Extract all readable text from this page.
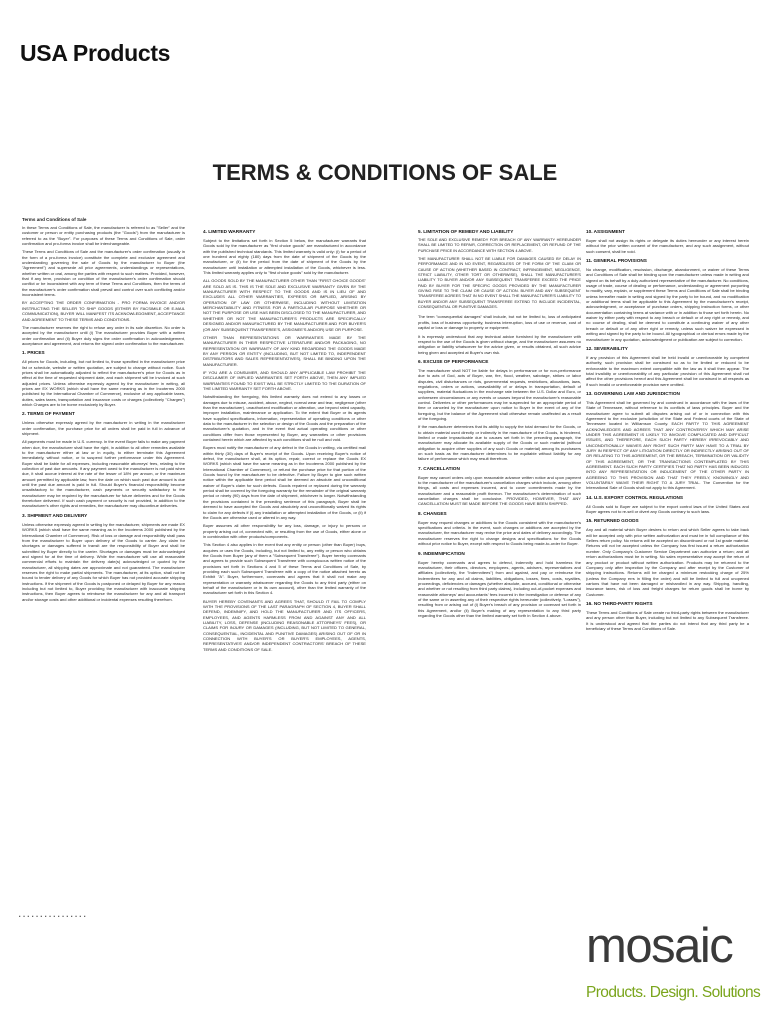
USA Products
TERMS & CONDITIONS OF SALE
Terms and Conditions of Sale

In these Terms and Conditions of Sale, the manufacturer is referred to as "Seller" and the customer or person or entity purchasing products (the "Goods") from the manufacturer is referred to as the "Buyer". For purposes of these Terms and Conditions of Sale, order confirmation and pro-forma invoice shall be interchangeable.

These Terms and Conditions of Sale and the manufacturer's order confirmation (usually in the form of a pro-forma invoice) constitute the complete and exclusive agreement and understanding governing the sale of Goods by the manufacturer to Buyer (the "Agreement") and supersede all prior agreements, understandings or representations, whether written or oral, among the parties with respect to such matters. Provided, however, that if any term, provision or condition of the manufacturer's order confirmation should conflict or be inconsistent with any term of these Terms and Conditions, then the terms of the manufacturer's order confirmation shall prevail and control over such conflicting and/or inconsistent terms.

BY ACCEPTING THE ORDER CONFIRMATION - PRO FORMA INVOICE AND/OR INSTRUCTING THE SELLER TO SHIP GOODS (EITHER BY FACSIMILE OR E-MAIL COMMUNICATION), BUYER WILL MANIFEST ITS ACKNOWLEDGMENT, ACCEPTANCE AND AGREEMENT TO THESE TERMS AND CONDITIONS.

The manufacturer reserves the right to refuse any order in its sole discretion. No order is accepted by the manufacturer until (i) The manufacturer provides Buyer with a written order confirmation and (ii) Buyer duly signs the order confirmation in acknowledgement, acceptance and agreement, and returns the signed order confirmation to the manufacturer.

1. PRICES

All prices for Goods, including, but not limited to, those specified in the manufacturer price list or schedule, website or written quotation, are subject to change without notice. Such prices shall be automatically adjusted to reflect the manufacturer's price for Goods as in effect at the time of requested shipment date, and each shipment will be invoiced at such adjusted prices. Unless otherwise expressly agreed by the manufacturer in writing, all prices are EX WORKS (which shall have the same meaning as in the Incoterms 2000 published by the International Chamber of Commerce), exclusive of any applicable taxes, duties, sales taxes, transportation and insurance costs or charges (collectively "Charges") which Charges are to be borne exclusively by Buyer.

2. TERMS OF PAYMENT

Unless otherwise expressly agreed by the manufacturer in writing in the manufacturer order confirmation, the purchase price for all orders shall be paid in full in advance of shipment.

All payments must be made in U.S. currency. In the event Buyer fails to make any payment when due, the manufacturer shall have the right, in addition to all other remedies available to the manufacturer either at law or in equity, to either terminate this Agreement immediately, without notice, or to suspend further performance under this Agreement. Buyer shall be liable for all expenses, including reasonable attorneys' fees, relating to the collection of past due amounts. If any payment owed to the manufacturer is not paid when due, it shall accrue interest at the rate of the lesser of 18% per annum, or the maximum amount permitted by applicable law, from the date on which such past due amount is due until the past due amount is paid in full. Should Buyer's financial responsibility become unsatisfactory to the manufacturer, cash payments or security satisfactory to the manufacturer may be required by the manufacturer for future deliveries and for the Goods theretofore delivered. If such cash payment or security is not provided, in addition to the manufacturer's other rights and remedies, the manufacturer may discontinue deliveries.

3. SHIPMENT AND DELIVERY

Unless otherwise expressly agreed in writing by the manufacturer, shipments are made EX WORKS (which shall have the same meaning as in the Incoterms 2000 published by the International Chamber of Commerce). Risk of loss or damage and responsibility shall pass from the manufacturer to Buyer upon delivery of the Goods to carrier. Any claim for shortages or damages suffered in transit are the responsibility of Buyer and shall be submitted by Buyer directly to the carrier. Shortages or damages must be acknowledged and signed for at the time of delivery. While the manufacturer will use all reasonable commercial efforts to maintain the delivery date(s) acknowledged or quoted by the manufacturer, all shipping dates are approximate and not guaranteed. The manufacturer reserves the right to make partial shipments. The manufacturer, at its option, shall not be bound to tender delivery of any Goods for which Buyer has not provided accurate shipping instructions. If the shipment of the Goods is postponed or delayed by Buyer for any reason including but not limited to, Buyer providing the manufacturer with inaccurate shipping instructions, then Buyer agrees to reimburse the manufacturer for any and all transport and/or storage costs and other additional or incidental expenses resulting therefrom.

4. LIMITED WARRANTY

Subject to the limitations set forth in Section 5 below, the manufacturer warrants that Goods sold by the manufacturer as "first choice goods" are manufactured in accordance with the published technical standards. This limited warranty is valid only: (i) for a period of one hundred and eighty (180) days from the date of shipment of the Goods by the manufacturer, or (ii) for the period from the date of shipment of the Goods by the manufacturer until installation or attempted installation of the Goods, whichever is less. This limited warranty applies only to "first choice goods" sold by the manufacturer.

ALL GOODS SOLD BY THE MANUFACTURER OTHER THAN "FIRST CHOICE GOODS" ARE SOLD AS IS. THIS IS THE SOLE AND EXCLUSIVE WARRANTY GIVEN BY THE MANUFACTURER WITH RESPECT TO THE GOODS AND IS IN LIEU OF AND EXCLUDES ALL OTHER WARRANTIES, EXPRESS OR IMPLIED, ARISING BY OPERATION OF LAW OR OTHERWISE, INCLUDING WITHOUT LIMITATION MERCHANTABILITY AND FITNESS FOR A PARTICULAR PURPOSE WHETHER OR NOT THE PURPOSE OR USE HAS BEEN DISCLOSED TO THE MANUFACTURER, AND WHETHER OR NOT THE MANUFACTURER'S PRODUCTS ARE SPECIFICALLY DESIGNED AND/OR MANUFACTURED BY THE MANUFACTURER AND FOR BUYER'S (OR ANY SUBSEQUENT TRANSFEREE'S, ASSIGNEE'S AND/OR) USE OR PURPOSE.

OTHER THAN REPRESENTATIONS OR WARRANTIES MADE BY THE MANUFACTURER IN THEIR RESPECTIVE LITERATURE AND/OR PACKAGING, NO REPRESENTATION OR WARRANTY OF ANY KIND REGARDING THE GOODS MADE BY ANY PERSON OR ENTITY (INCLUDING, BUT NOT LIMITED TO, INDEPENDENT DISTRIBUTORS AND SALES REPRESENTATIVES), SHALL BE BINDING UPON THE MANUFACTURER.

IF YOU ARE A CONSUMER, AND SHOULD ANY APPLICABLE LAW PROHIBIT THE DISCLAIMER OF IMPLIED WARRANTIES SET FORTH ABOVE, THEN ANY IMPLIED WARRANTIES FOUND TO EXIST WILL BE STRICTLY LIMITED TO THE DURATION OF THE LIMITED WARRANTY SET FORTH ABOVE.

Notwithstanding the foregoing, this limited warranty does not extend to any losses or damages due to misuse, accident, abuse, neglect, normal wear and tear, negligence (other than the manufacturer), unauthorized modification or alteration, use beyond rated capacity, improper installation, maintenance or application. To the extent that Buyer or its agents have supplied specifications, information, representation of operating conditions or other data to the manufacturer in the selection or design of the Goods and the preparation of the manufacturer's quotation, and in the event that actual operating conditions or other conditions differ from those represented by Buyer, any warranties or other provisions contained herein which are affected by such conditions shall be null and void.

Buyers must notify the manufacturer of any defect in the Goods in writing, via certified mail within thirty (30) days of Buyer's receipt of the Goods. Upon receiving Buyer's notice of defect, the manufacturer shall, at its option, repair, correct or replace the Goods EX WORKS (which shall have the same meaning as in the Incoterms 2000 published by the International Chamber of Commerce), or refund the purchase price for that portion of the Goods found by the manufacturer to be defective. Failure by Buyer to give such written notice within the applicable time period shall be deemed an absolute and unconditional waiver of Buyer's claim for such defects. Goods repaired or replaced during the warranty period shall be covered by the foregoing warranty for the remainder of the original warranty period or ninety (90) days from the date of shipment, whichever is longer. Notwithstanding the provisions contained in the preceding sentence of this paragraph, Buyer shall be deemed to have accepted the Goods and absolutely and unconditionally waived its rights to claim for any defects if (i) any installation or attempted installation of the Goods, or (ii) if the Goods are otherwise used or altered in any way.

Buyer assumes all other responsibility for any loss, damage, or injury to persons or property arising out of, connected with, or resulting from the use of Goods, either alone or in combination with other products/components.

This Section 4 also applies in the event that any entity or person (other than Buyer) buys, acquires or uses the Goods, including, but not limited to, any entity or person who obtains the Goods from Buyer (any of them a "Subsequent Transferee"). Buyer hereby covenants and agrees to provide such Subsequent Transferee with conspicuous written notice of the provisions set forth in Sections 4 and 5 of these Terms and Conditions of Sale, by providing each such Subsequent Transferee with a copy of the notice attached hereto as Exhibit "A". Buyer, furthermore, covenants and agrees that it shall not make any representation or warranty whatsoever regarding the Goods to any third party (either on behalf of the manufacturer or in its own account), other than the limited warranty of the manufacturer set forth in this Section 4.

BUYER HEREBY COVENANTS AND AGREES THAT, SHOULD IT FAIL TO COMPLY WITH THE PROVISIONS OF THE LAST PARAGRAPH OF SECTION 4, BUYER SHALL DEFEND, INDEMNIFY, AND HOLD THE MANUFACTURER AND ITS OFFICERS, EMPLOYEES, AND AGENTS HARMLESS FROM AND AGAINST ANY AND ALL LIABILITY, LOSS, DEFENSE (INCLUDING REASONABLE ATTORNEYS' FEES), OR CLAIMS FOR INJURY OR DAMAGES (INCLUDING, BUT NOT LIMITED TO GENERAL, CONSEQUENTIAL, INCIDENTAL AND PUNITIVE DAMAGES) ARISING OUT OF OR IN CONNECTION WITH BUYER'S OR BUYER'S EMPLOYEES, AGENTS, REPRESENTATIVES' AND/OR INDEPENDENT CONTRACTORS' BREACH OF THESE TERMS AND CONDITIONS OF SALE.

5. LIMITATION OF REMEDY AND LIABILITY

THE SOLE AND EXCLUSIVE REMEDY FOR BREACH OF ANY WARRANTY HEREUNDER SHALL BE LIMITED TO REPAIR, CORRECTION OR REPLACEMENT, OR REFUND OF THE PURCHASE PRICE IN ACCORDANCE WITH SECTION 4 ABOVE.

THE MANUFACTURER SHALL NOT BE LIABLE FOR DAMAGES CAUSED BY DELAY IN PERFORMANCE AND IN NO EVENT, REGARDLESS OF THE FORM OF THE CLAIM OR CAUSE OF ACTION (WHETHER BASED IN CONTRACT, INFRINGEMENT, NEGLIGENCE, STRICT LIABILITY, OTHER TORT OR OTHERWISE), SHALL THE MANUFACTURER'S LIABILITY TO BUYER AND/OR ANY SUBSEQUENT TRANSFEREE EXCEED THE PRICE PAID BY BUYER FOR THE SPECIFIC GOODS PROVIDED BY THE MANUFACTURER GIVING RISE TO THE CLAIM OR CAUSE OF ACTION. BUYER AND ANY SUBSEQUENT TRANSFEREE AGREES THAT IN NO EVENT SHALL THE MANUFACTURER'S LIABILITY TO BUYER AND/OR ANY SUBSEQUENT TRANSFEREE EXTEND TO INCLUDE INCIDENTAL, CONSEQUENTIAL OR PUNITIVE DAMAGES.

The term "consequential damages" shall include, but not be limited to, loss of anticipated profits, loss of business opportunity, business interruption, loss of use or revenue, cost of capital or loss or damage to property or equipment.

It is expressly understood that any technical advice furnished by the manufacturer with respect to the use of the Goods is given without charge, and the manufacturer assumes no obligation or liability whatsoever for the advice given, or results obtained, all such advice being given and accepted at Buyer's own risk.

6. EXCUSE OF PERFORMANCE

The manufacturer shall NOT be liable for delays in performance or for non-performance due to acts of God, acts of Buyer, war, fire, flood, weather, sabotage, strikes or labor disputes, civil disturbances or riots, governmental requests, restrictions, allocations, laws, regulations, orders or actions, unavailability of or delays in transportation, default of suppliers, material fluctuations in the exchange rate between the U.S. Dollar and Euro, or unforeseen circumstances or any events or causes beyond the manufacturer's reasonable control. Deliveries or other performances may be suspended for an appropriate period of time or canceled by the manufacturer upon notice to Buyer in the event of any of the foregoing, but the balance of the Agreement shall otherwise remain unaffected as a result of the foregoing.

If the manufacturer determines that its ability to supply the total demand for the Goods, or to obtain material used directly or indirectly in the manufacture of the Goods, is hindered, limited or made impracticable due to causes set forth in the preceding paragraph, the manufacturer may allocate its available supply of the Goods or such material (without obligation to acquire other supplies of any such Goods or material) among its purchasers on such basis as the manufacturer determines to be equitable without liability for any failure of performance which may result therefrom.

7. CANCELLATION

Buyer may cancel orders only upon reasonable advance written notice and upon payment to the manufacturer of the manufacturer's cancellation charges which include, among other things, all costs and expenses incurred, and to cover commitments made by the manufacturer and a reasonable profit thereon. The manufacturer's determination of such cancellation charges shall be conclusive. PROVIDED, HOWEVER, THAT ANY CANCELLATION MUST BE MADE BEFORE THE GOODS HAVE BEEN SHIPPED.

8. CHANGES

Buyer may request changes or additions to the Goods consistent with the manufacturer's specifications and criteria. In the event, such changes or additions are accepted by the manufacturer, the manufacturer may revise the price and dates of delivery accordingly. The manufacturer reserves the right to change designs and specifications for the Goods without prior notice to Buyer, except with respect to Goods being made-to-order for Buyer.

9. INDEMNIFICATION

Buyer hereby covenants and agrees to defend, indemnify and hold harmless the manufacturer, their officers, directors, employees, agents, advisers, representatives and affiliates (collectively, the "Indemnitees") from and against, and pay or reimburse the Indemnitees for any and all claims, liabilities, obligations, losses, fines, costs, royalties, proceedings, deficiencies or damages (whether absolute, accrued, conditional or otherwise and whether or not resulting from third party claims), including out-of-pocket expenses and reasonable attorneys' and accountants' fees incurred in the investigation or defense of any of the same or in asserting any of their respective rights hereunder (collectively, "Losses"), resulting from or arising out of (i) Buyer's breach of any provision or covenant set forth in this Agreement, and/or (ii) Buyer's making of any representation to any third party regarding the Goods other than the limited warranty set forth in Section 4 above.

10. ASSIGNMENT

Buyer shall not assign its rights or delegate its duties hereunder or any interest herein without the prior written consent of the manufacturer, and any such assignment, without such consent, shall be void.

11. GENERAL PROVISIONS

No change, modification, rescission, discharge, abandonment, or waiver of these Terms and Conditions of Sale shall be binding upon the manufacturer unless made in writing and signed on its behalf by a duly authorized representative of the manufacturer. No conditions, usage of trade, course of dealing or performance, understanding or agreement purporting to modify, vary, explain, or supplement these Terms and Conditions of Sale shall be binding unless hereafter made in writing and signed by the party to be bound, and no modification or additional terms shall be applicable to this Agreement by the manufacturer's receipt, acknowledgment, or acceptance of purchase orders, shipping instruction forms, or other documentation containing terms at variance with or in addition to those set forth herein. No waiver by either party with respect to any breach or default or of any right or remedy, and no course of dealing, shall be deemed to constitute a continuing waiver of any other breach or default or of any other right or remedy, unless such waiver be expressed in writing and signed by the party to be bound. All typographical or clerical errors made by the manufacturer in any quotation, acknowledgment or publication are subject to correction.

12. SEVERABILITY

If any provision of this Agreement shall be held invalid or unenforceable by competent authority, such provision shall be construed so as to be limited or reduced to be enforceable to the maximum extent compatible with the law as it shall then appear. The total invalidity or unenforceability of any particular provision of this Agreement shall not affect the other provisions hereof and this Agreement shall be construed in all respects as if such invalid or unenforceable provision were omitted.

13. GOVERNING LAW AND JURISDICTION

This Agreement shall be governed by and construed in accordance with the laws of the State of Tennessee, without reference to its conflicts of laws principles. Buyer and the manufacturer agree to submit all disputes arising out of or in connection with this Agreement to the exclusive jurisdiction of the State and Federal courts of the State of Tennessee located in Williamson County. EACH PARTY TO THIS AGREEMENT ACKNOWLEDGES AND AGREES THAT ANY CONTROVERSY WHICH MAY ARISE UNDER THIS AGREEMENT IS LIKELY TO INVOLVE COMPLICATED AND DIFFICULT ISSUES, AND THEREFORE, EACH SUCH PARTY HEREBY IRREVOCABLY AND UNCONDITIONALLY WAIVES ANY RIGHT SUCH PARTY MAY HAVE TO A TRIAL BY JURY IN RESPECT OF ANY LITIGATION DIRECTLY OR INDIRECTLY ARISING OUT OF OR RELATING TO THIS AGREEMENT, OR THE BREACH, TERMINATION OR VALIDITY OF THIS AGREEMENT, OR THE TRANSACTIONS CONTEMPLATED BY THIS AGREEMENT. EACH SUCH PARTY CERTIFIES THAT NO PARTY HAS BEEN INDUCED INTO ANY REPRESENTATION OR INDUCEMENT OF THE OTHER PARTY IN AGREEING TO THIS PROVISION AND THAT THEY FREELY, KNOWINGLY AND VOLUNTARILY WAIVE THEIR RIGHT TO A JURY TRIAL. The Convention for the International Sale of Goods shall not apply to this Agreement.

14. U.S. EXPORT CONTROL REGULATIONS

All Goods sold to Buyer are subject to the export control laws of the United States and Buyer agrees not to re-sell or divert any Goods contrary to such laws.

15. RETURNED GOODS

Any and all material which Buyer desires to return and which Seller agrees to take back will be accepted only with prior written authorization and must be in full compliance of this Sellers return policy. No returns will be accepted on discontinued or not 1st grade material. Returns will not be accepted unless the Company has first issued a return authorization number. Only Company's Customer Service Department can authorize a return; and all return authorizations must be in writing. No sales representative may accept the return of any product or product without written authorization. Products may be returned to the Company only after inspection by the Company and after receipt by the Customer of shipping instructions. Returns will be charged a minimum restocking charge of 25% (unless the Company errs in filling the order) and will be limited to full and unopened cartons that have not been damaged or mishandled in any way. Shipping, handling, insurance taxes, risk of loss and freight charges for return goods shall be borne by Customer.

16. NO THIRD-PARTY RIGHTS

These Terms and Conditions of Sale create no third-party rights between the manufacturer and any person other than Buyer, including but not limited to any Subsequent Transferee. It is understood and agreed that the parties do not intend that any third party be a beneficiary of these Terms and Conditions of Sale.

................
mosaic
Products. Design. Solutions
